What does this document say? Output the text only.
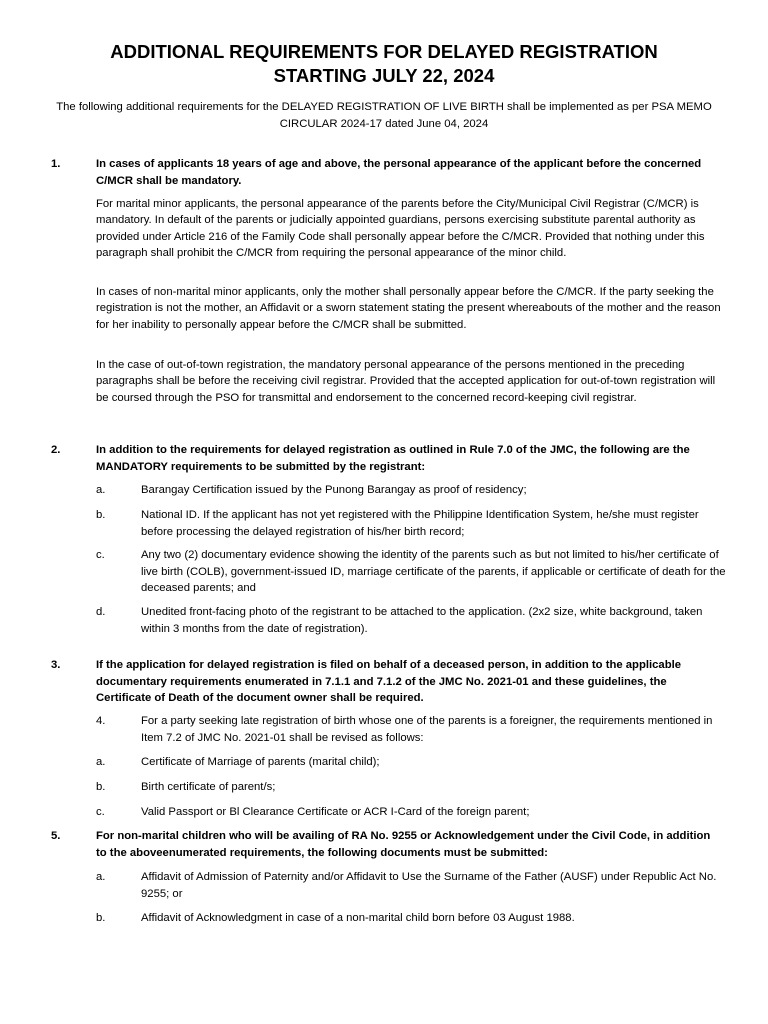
ADDITIONAL REQUIREMENTS FOR DELAYED REGISTRATION
STARTING JULY 22, 2024
The following additional requirements for the DELAYED REGISTRATION OF LIVE BIRTH shall be implemented as per PSA MEMO CIRCULAR 2024-17 dated June 04, 2024
1.	In cases of applicants 18 years of age and above, the personal appearance of the applicant before the concerned C/MCR shall be mandatory.
For marital minor applicants, the personal appearance of the parents before the City/Municipal Civil Registrar (C/MCR) is mandatory. In default of the parents or judicially appointed guardians, persons exercising substitute parental authority as provided under Article 216 of the Family Code shall personally appear before the C/MCR. Provided that nothing under this paragraph shall prohibit the C/MCR from requiring the personal appearance of the minor child.
In cases of non-marital minor applicants, only the mother shall personally appear before the C/MCR. If the party seeking the registration is not the mother, an Affidavit or a sworn statement stating the present whereabouts of the mother and the reason for her inability to personally appear before the C/MCR shall be submitted.
In the case of out-of-town registration, the mandatory personal appearance of the persons mentioned in the preceding paragraphs shall be before the receiving civil registrar. Provided that the accepted application for out-of-town registration will be coursed through the PSO for transmittal and endorsement to the concerned record-keeping civil registrar.
2.	In addition to the requirements for delayed registration as outlined in Rule 7.0 of the JMC, the following are the MANDATORY requirements to be submitted by the registrant:
a.	Barangay Certification issued by the Punong Barangay as proof of residency;
b.	National ID. If the applicant has not yet registered with the Philippine Identification System, he/she must register before processing the delayed registration of his/her birth record;
c.	Any two (2) documentary evidence showing the identity of the parents such as but not limited to his/her certificate of live birth (COLB), government-issued ID, marriage certificate of the parents, if applicable or certificate of death for the deceased parents; and
d.	Unedited front-facing photo of the registrant to be attached to the application. (2x2 size, white background, taken within 3 months from the date of registration).
3.	If the application for delayed registration is filed on behalf of a deceased person, in addition to the applicable documentary requirements enumerated in 7.1.1 and 7.1.2 of the JMC No. 2021-01 and these guidelines, the Certificate of Death of the document owner shall be required.
4.	For a party seeking late registration of birth whose one of the parents is a foreigner, the requirements mentioned in Item 7.2 of JMC No. 2021-01 shall be revised as follows:
a.	Certificate of Marriage of parents (marital child);
b.	Birth certificate of parent/s;
c.	Valid Passport or Bl Clearance Certificate or ACR I-Card of the foreign parent;
5.	For non-marital children who will be availing of RA No. 9255 or Acknowledgement under the Civil Code, in addition to the aboveenumerated requirements, the following documents must be submitted:
a.	Affidavit of Admission of Paternity and/or Affidavit to Use the Surname of the Father (AUSF) under Republic Act No. 9255; or
b.	Affidavit of Acknowledgment in case of a non-marital child born before 03 August 1988.
